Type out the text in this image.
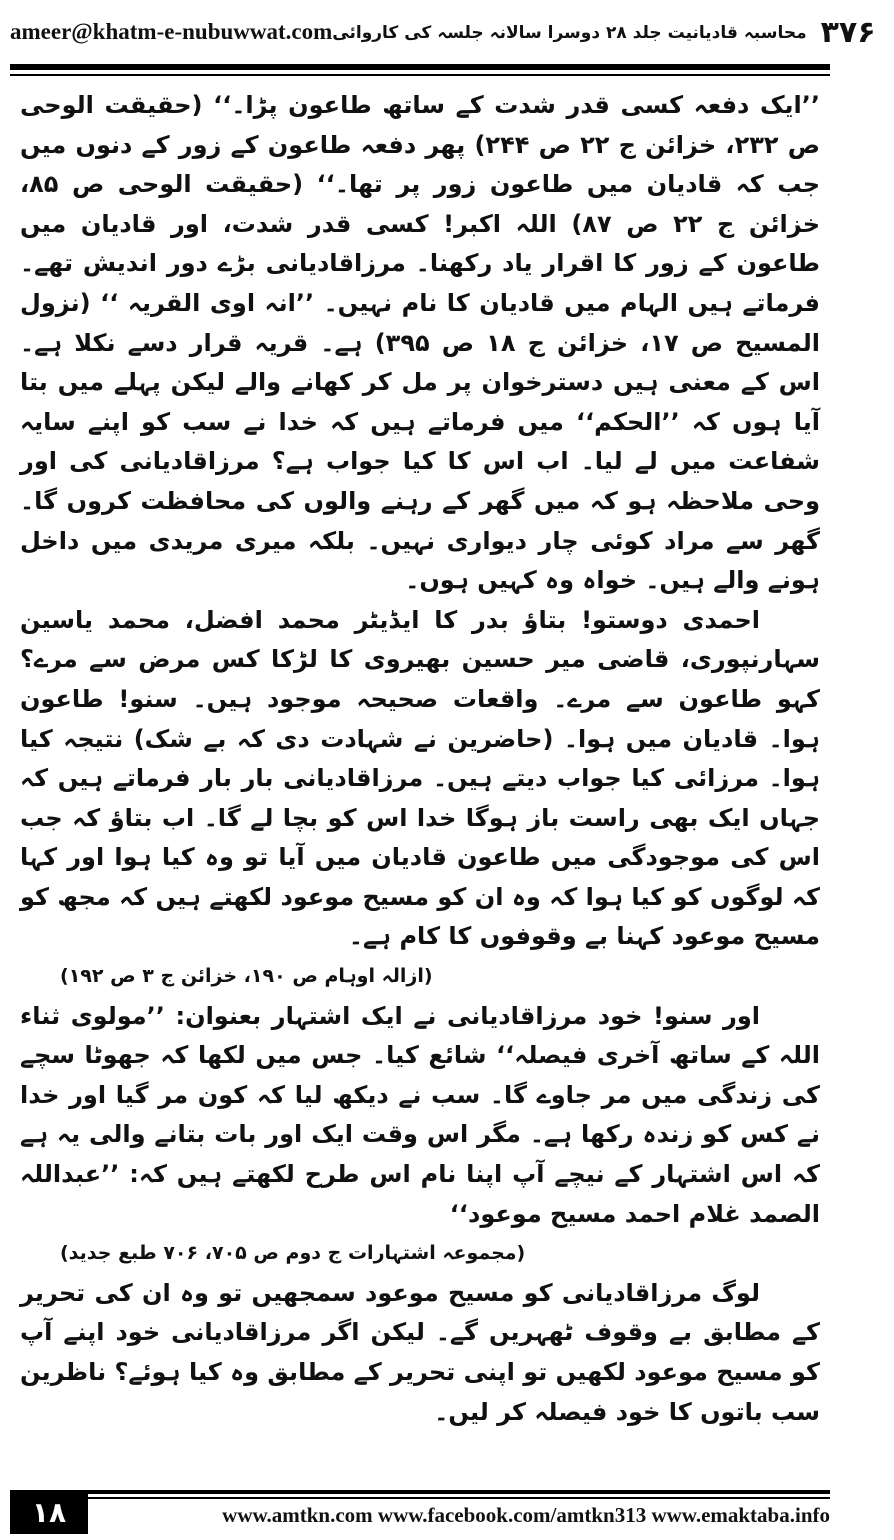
ameer@khatm-e-nubuwwat.com محاسبہ قادیانیت جلد ۲۸ دوسرا سالانہ جلسہ کی کاروائی ۳۷۶

’’ایک دفعہ کسی قدر شدت کے ساتھ طاعون پڑا۔‘‘ (حقیقت الوحی ص ۲۳۲، خزائن ج ۲۲ ص ۲۴۴) پھر دفعہ طاعون کے زور کے دنوں میں جب کہ قادیان میں طاعون زور پر تھا۔‘‘ (حقیقت الوحی ص ۸۵، خزائن ج ۲۲ ص ۸۷) اللہ اکبر! کسی قدر شدت، اور قادیان میں طاعون کے زور کا اقرار یاد رکھنا۔ مرزاقادیانی بڑے دور اندیش تھے۔ فرماتے ہیں الہام میں قادیان کا نام نہیں۔ ’’انہ اوی القریہ ‘‘ (نزول المسیح ص ۱۷، خزائن ج ۱۸ ص ۳۹۵) ہے۔ قریہ قرار دسے نکلا ہے۔ اس کے معنی ہیں دسترخوان پر مل کر کھانے والے لیکن پہلے میں بتا آیا ہوں کہ ’’الحکم‘‘ میں فرماتے ہیں کہ خدا نے سب کو اپنے سایہ شفاعت میں لے لیا۔ اب اس کا کیا جواب ہے؟ مرزاقادیانی کی اور وحی ملاحظہ ہو کہ میں گھر کے رہنے والوں کی محافظت کروں گا۔ گھر سے مراد کوئی چار دیواری نہیں۔ بلکہ میری مریدی میں داخل ہونے والے ہیں۔ خواہ وہ کہیں ہوں۔

احمدی دوستو! بتاؤ بدر کا ایڈیٹر محمد افضل، محمد یاسین سہارنپوری، قاضی میر حسین بھیروی کا لڑکا کس مرض سے مرے؟ کہو طاعون سے مرے۔ واقعات صحیحہ موجود ہیں۔ سنو! طاعون ہوا۔ قادیان میں ہوا۔ (حاضرین نے شہادت دی کہ بے شک) نتیجہ کیا ہوا۔ مرزائی کیا جواب دیتے ہیں۔ مرزاقادیانی بار بار فرماتے ہیں کہ جہاں ایک بھی راست باز ہوگا خدا اس کو بچا لے گا۔ اب بتاؤ کہ جب اس کی موجودگی میں طاعون قادیان میں آیا تو وہ کیا ہوا اور کہا کہ لوگوں کو کیا ہوا کہ وہ ان کو مسیح موعود لکھتے ہیں کہ مجھ کو مسیح موعود کہنا بے وقوفوں کا کام ہے۔

(ازالہ اوہام ص ۱۹۰، خزائن ج ۳ ص ۱۹۲)

اور سنو! خود مرزاقادیانی نے ایک اشتہار بعنوان: ’’مولوی ثناء اللہ کے ساتھ آخری فیصلہ‘‘ شائع کیا۔ جس میں لکھا کہ جھوٹا سچے کی زندگی میں مر جاوے گا۔ سب نے دیکھ لیا کہ کون مر گیا اور خدا نے کس کو زندہ رکھا ہے۔ مگر اس وقت ایک اور بات بتانے والی یہ ہے کہ اس اشتہار کے نیچے آپ اپنا نام اس طرح لکھتے ہیں کہ: ’’عبداللہ الصمد غلام احمد مسیح موعود‘‘

(مجموعہ اشتہارات ج دوم ص ۷۰۵، ۷۰۶ طبع جدید)

لوگ مرزاقادیانی کو مسیح موعود سمجھیں تو وہ ان کی تحریر کے مطابق بے وقوف ٹھہریں گے۔ لیکن اگر مرزاقادیانی خود اپنے آپ کو مسیح موعود لکھیں تو اپنی تحریر کے مطابق وہ کیا ہوئے؟ ناظرین سب باتوں کا خود فیصلہ کر لیں۔

۱۸	www.amtkn.com www.facebook.com/amtkn313 www.emaktaba.info
